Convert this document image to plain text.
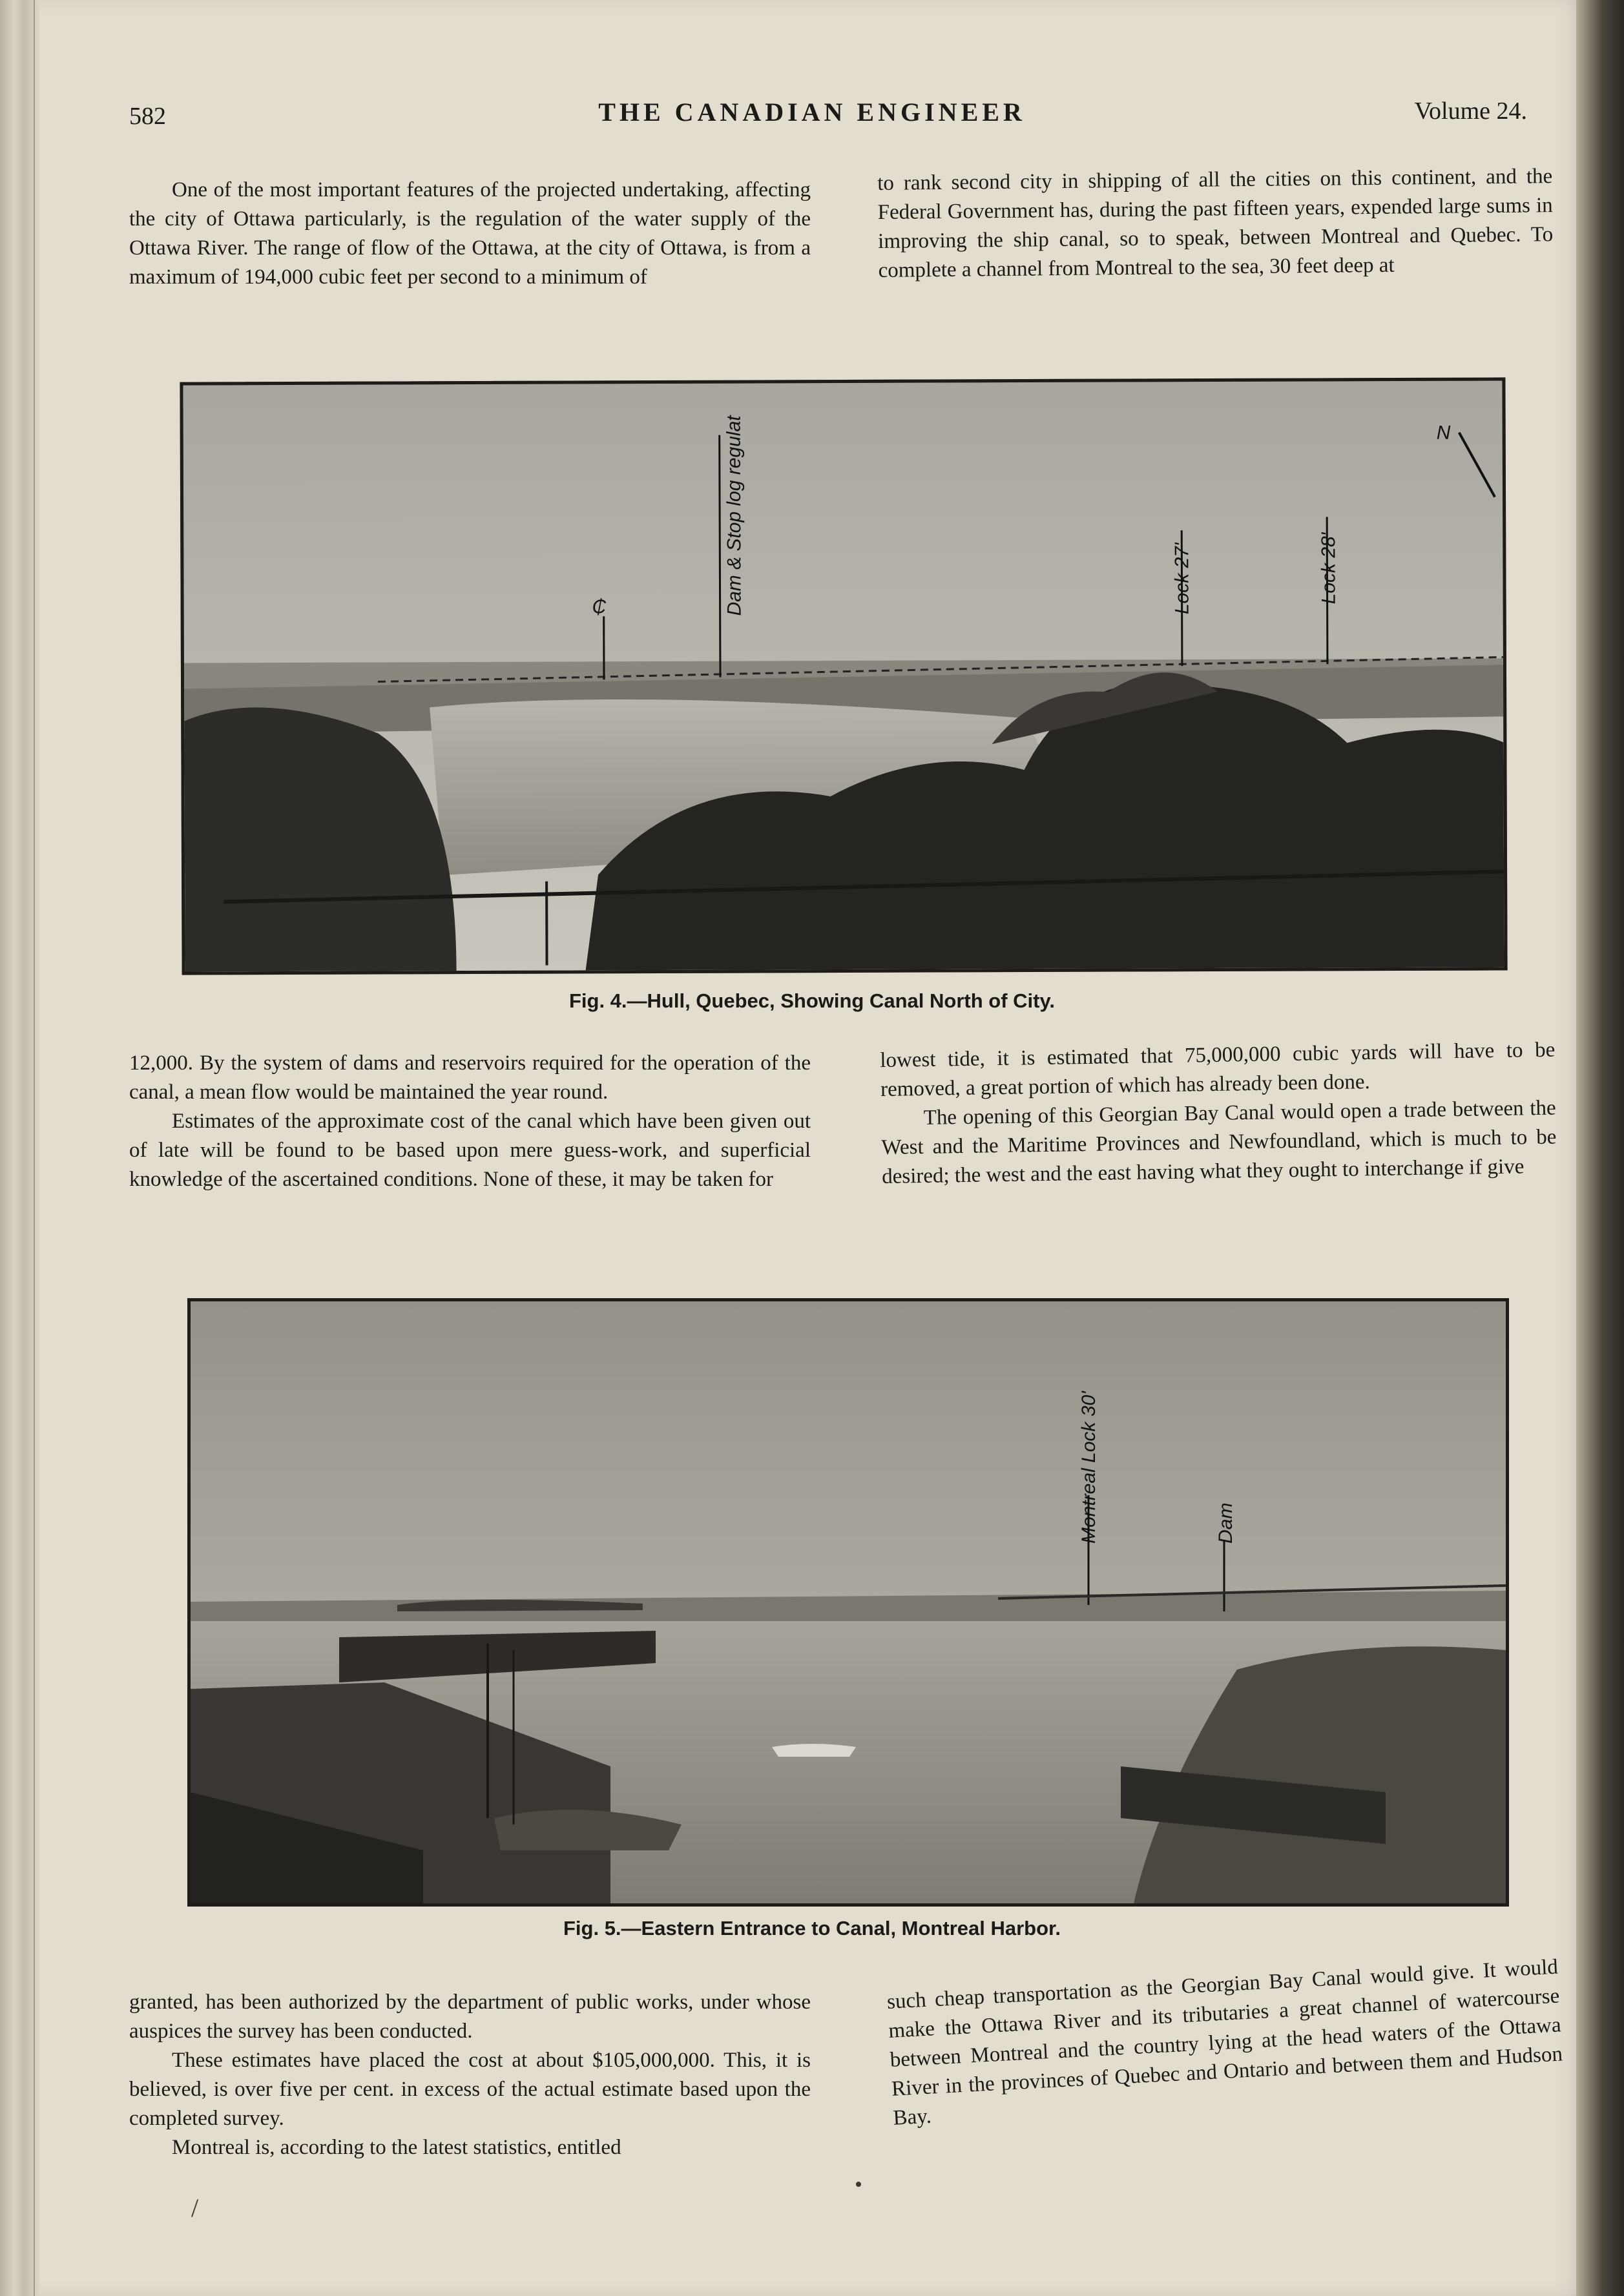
582	THE CANADIAN ENGINEER	Volume 24.

One of the most important features of the projected undertaking, affecting the city of Ottawa particularly, is the regulation of the water supply of the Ottawa River. The range of flow of the Ottawa, at the city of Ottawa, is from a maximum of 194,000 cubic feet per second to a minimum of

to rank second city in shipping of all the cities on this continent, and the Federal Government has, during the past fifteen years, expended large sums in improving the ship canal, so to speak, between Montreal and Quebec. To complete a channel from Montreal to the sea, 30 feet deep at

₵	Dam & Stop log regulat	Lock 27'	Lock 28'
N
Fig. 4.—Hull, Quebec, Showing Canal North of City.

12,000. By the system of dams and reservoirs required for the operation of the canal, a mean flow would be maintained the year round.

Estimates of the approximate cost of the canal which have been given out of late will be found to be based upon mere guess-work, and superficial knowledge of the ascertained conditions. None of these, it may be taken for

lowest tide, it is estimated that 75,000,000 cubic yards will have to be removed, a great portion of which has already been done.

The opening of this Georgian Bay Canal would open a trade between the West and the Maritime Provinces and Newfoundland, which is much to be desired; the west and the east having what they ought to interchange if give

Montreal Lock 30'	Dam
Fig. 5.—Eastern Entrance to Canal, Montreal Harbor.

granted, has been authorized by the department of public works, under whose auspices the survey has been conducted.

These estimates have placed the cost at about $105,000,000. This, it is believed, is over five per cent. in excess of the actual estimate based upon the completed survey.

Montreal is, according to the latest statistics, entitled

such cheap transportation as the Georgian Bay Canal would give. It would make the Ottawa River and its tributaries a great channel of watercourse between Montreal and the country lying at the head waters of the Ottawa River in the provinces of Quebec and Ontario and between them and Hudson Bay.

/
